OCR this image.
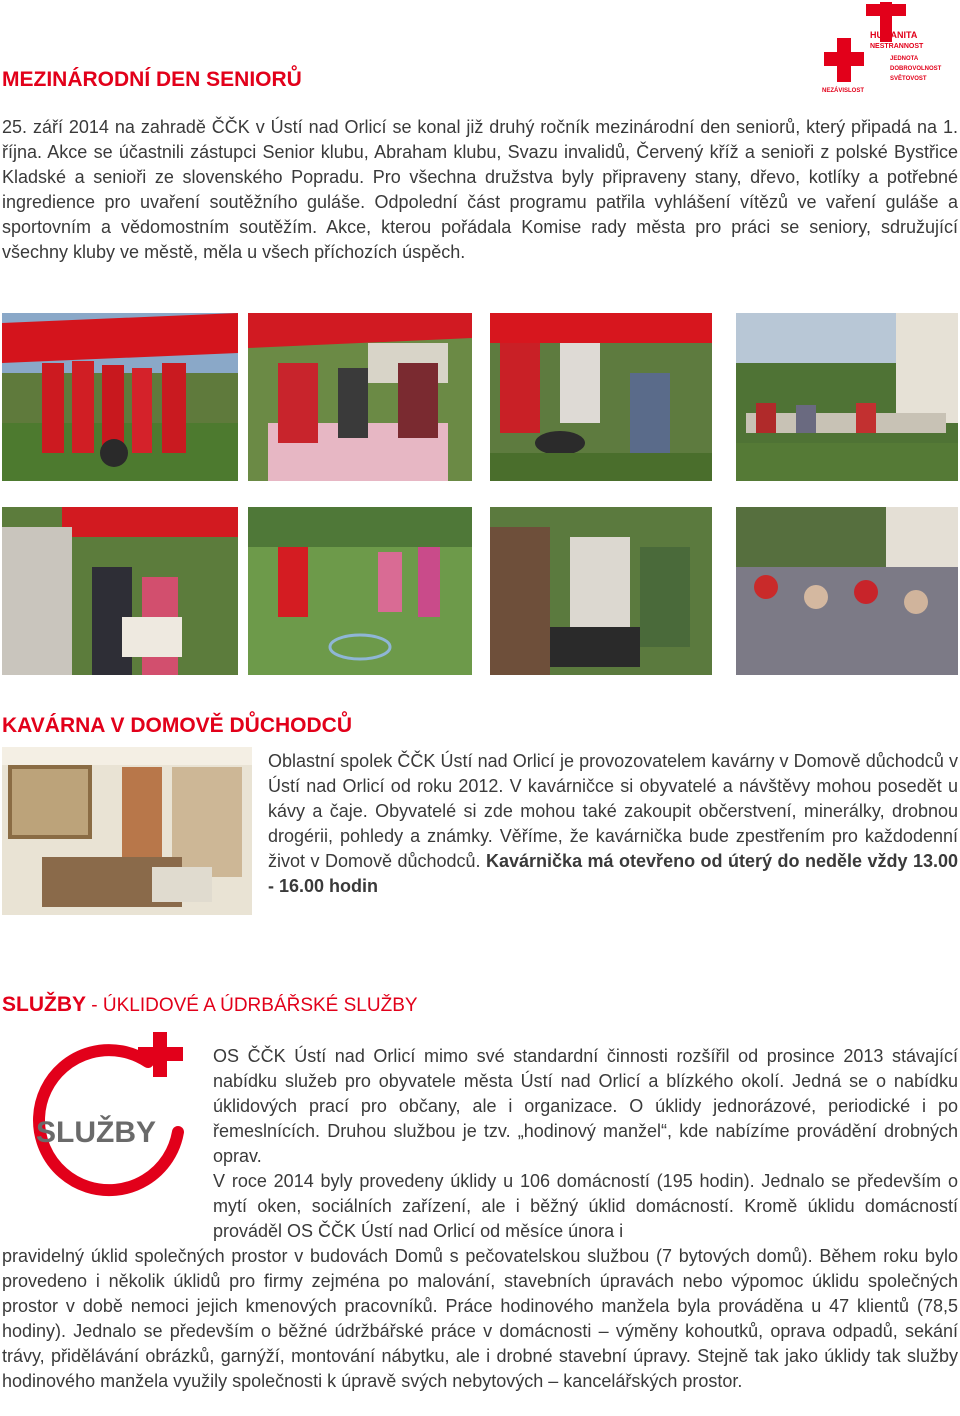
HUMANITA
NESTRANNOST
NEZÁVISLOST
JEDNOTA
DOBROVOLNOST
SVĚTOVOST
MEZINÁRODNÍ DEN SENIORŮ
25. září 2014 na zahradě ČČK v Ústí nad Orlicí se konal již druhý ročník mezinárodní den seniorů, který připadá na 1. října. Akce se účastnili zástupci Senior klubu, Abraham klubu, Svazu invalidů, Červený kříž a senioři z polské Bystřice Kladské a senioři ze slovenského Popradu. Pro všechna družstva byly připraveny stany, dřevo, kotlíky a potřebné ingredience pro uvaření soutěžního guláše. Odpolední část programu patřila vyhlášení vítězů ve vaření guláše a sportovním a vědomostním soutěžím. Akce, kterou pořádala Komise rady města pro práci se seniory, sdružující všechny kluby ve městě, měla u všech příchozích úspěch.
KAVÁRNA V DOMOVĚ DŮCHODCŮ
Oblastní spolek ČČK Ústí nad Orlicí je provozovatelem kavárny v Domově důchodců v Ústí nad Orlicí od roku 2012. V kavárničce si obyvatelé a návštěvy mohou posedět u kávy a čaje. Obyvatelé si zde mohou také zakoupit občerstvení, minerálky, drobnou drogérii, pohledy a známky. Věříme, že kavárnička bude zpestřením pro každodenní život v Domově důchodců. Kavárnička má otevřeno od úterý do neděle vždy 13.00 - 16.00 hodin
SLUŽBY - ÚKLIDOVÉ A ÚDRBÁŘSKÉ SLUŽBY
SLUŽBY
OS ČČK Ústí nad Orlicí mimo své standardní činnosti rozšířil od prosince 2013 stávající nabídku služeb pro obyvatele města Ústí nad Orlicí a blízkého okolí. Jedná se o nabídku úklidových prací pro občany, ale i organizace. O úklidy jednorázové, periodické i po řemeslnících. Druhou službou je tzv. „hodinový manžel“, kde nabízíme provádění drobných oprav.
V roce 2014 byly provedeny úklidy u 106 domácností (195 hodin). Jednalo se především o mytí oken, sociálních zařízení, ale i běžný úklid domácností. Kromě úklidu domácností prováděl OS ČČK Ústí nad Orlicí od měsíce února i
pravidelný úklid společných prostor v budovách Domů s pečovatelskou službou (7 bytových domů). Během roku bylo provedeno i několik úklidů pro firmy zejména po malování, stavebních úpravách nebo výpomoc úklidu společných prostor v době nemoci jejich kmenových pracovníků. Práce hodinového manžela byla prováděna u 47 klientů (78,5 hodiny). Jednalo se především o běžné údržbářské práce v domácnosti – výměny kohoutků, oprava odpadů, sekání trávy, přidělávání obrázků, garnýží, montování nábytku, ale i drobné stavební úpravy. Stejně tak jako úklidy tak služby hodinového manžela využily společnosti k úpravě svých nebytových – kancelářských prostor.
